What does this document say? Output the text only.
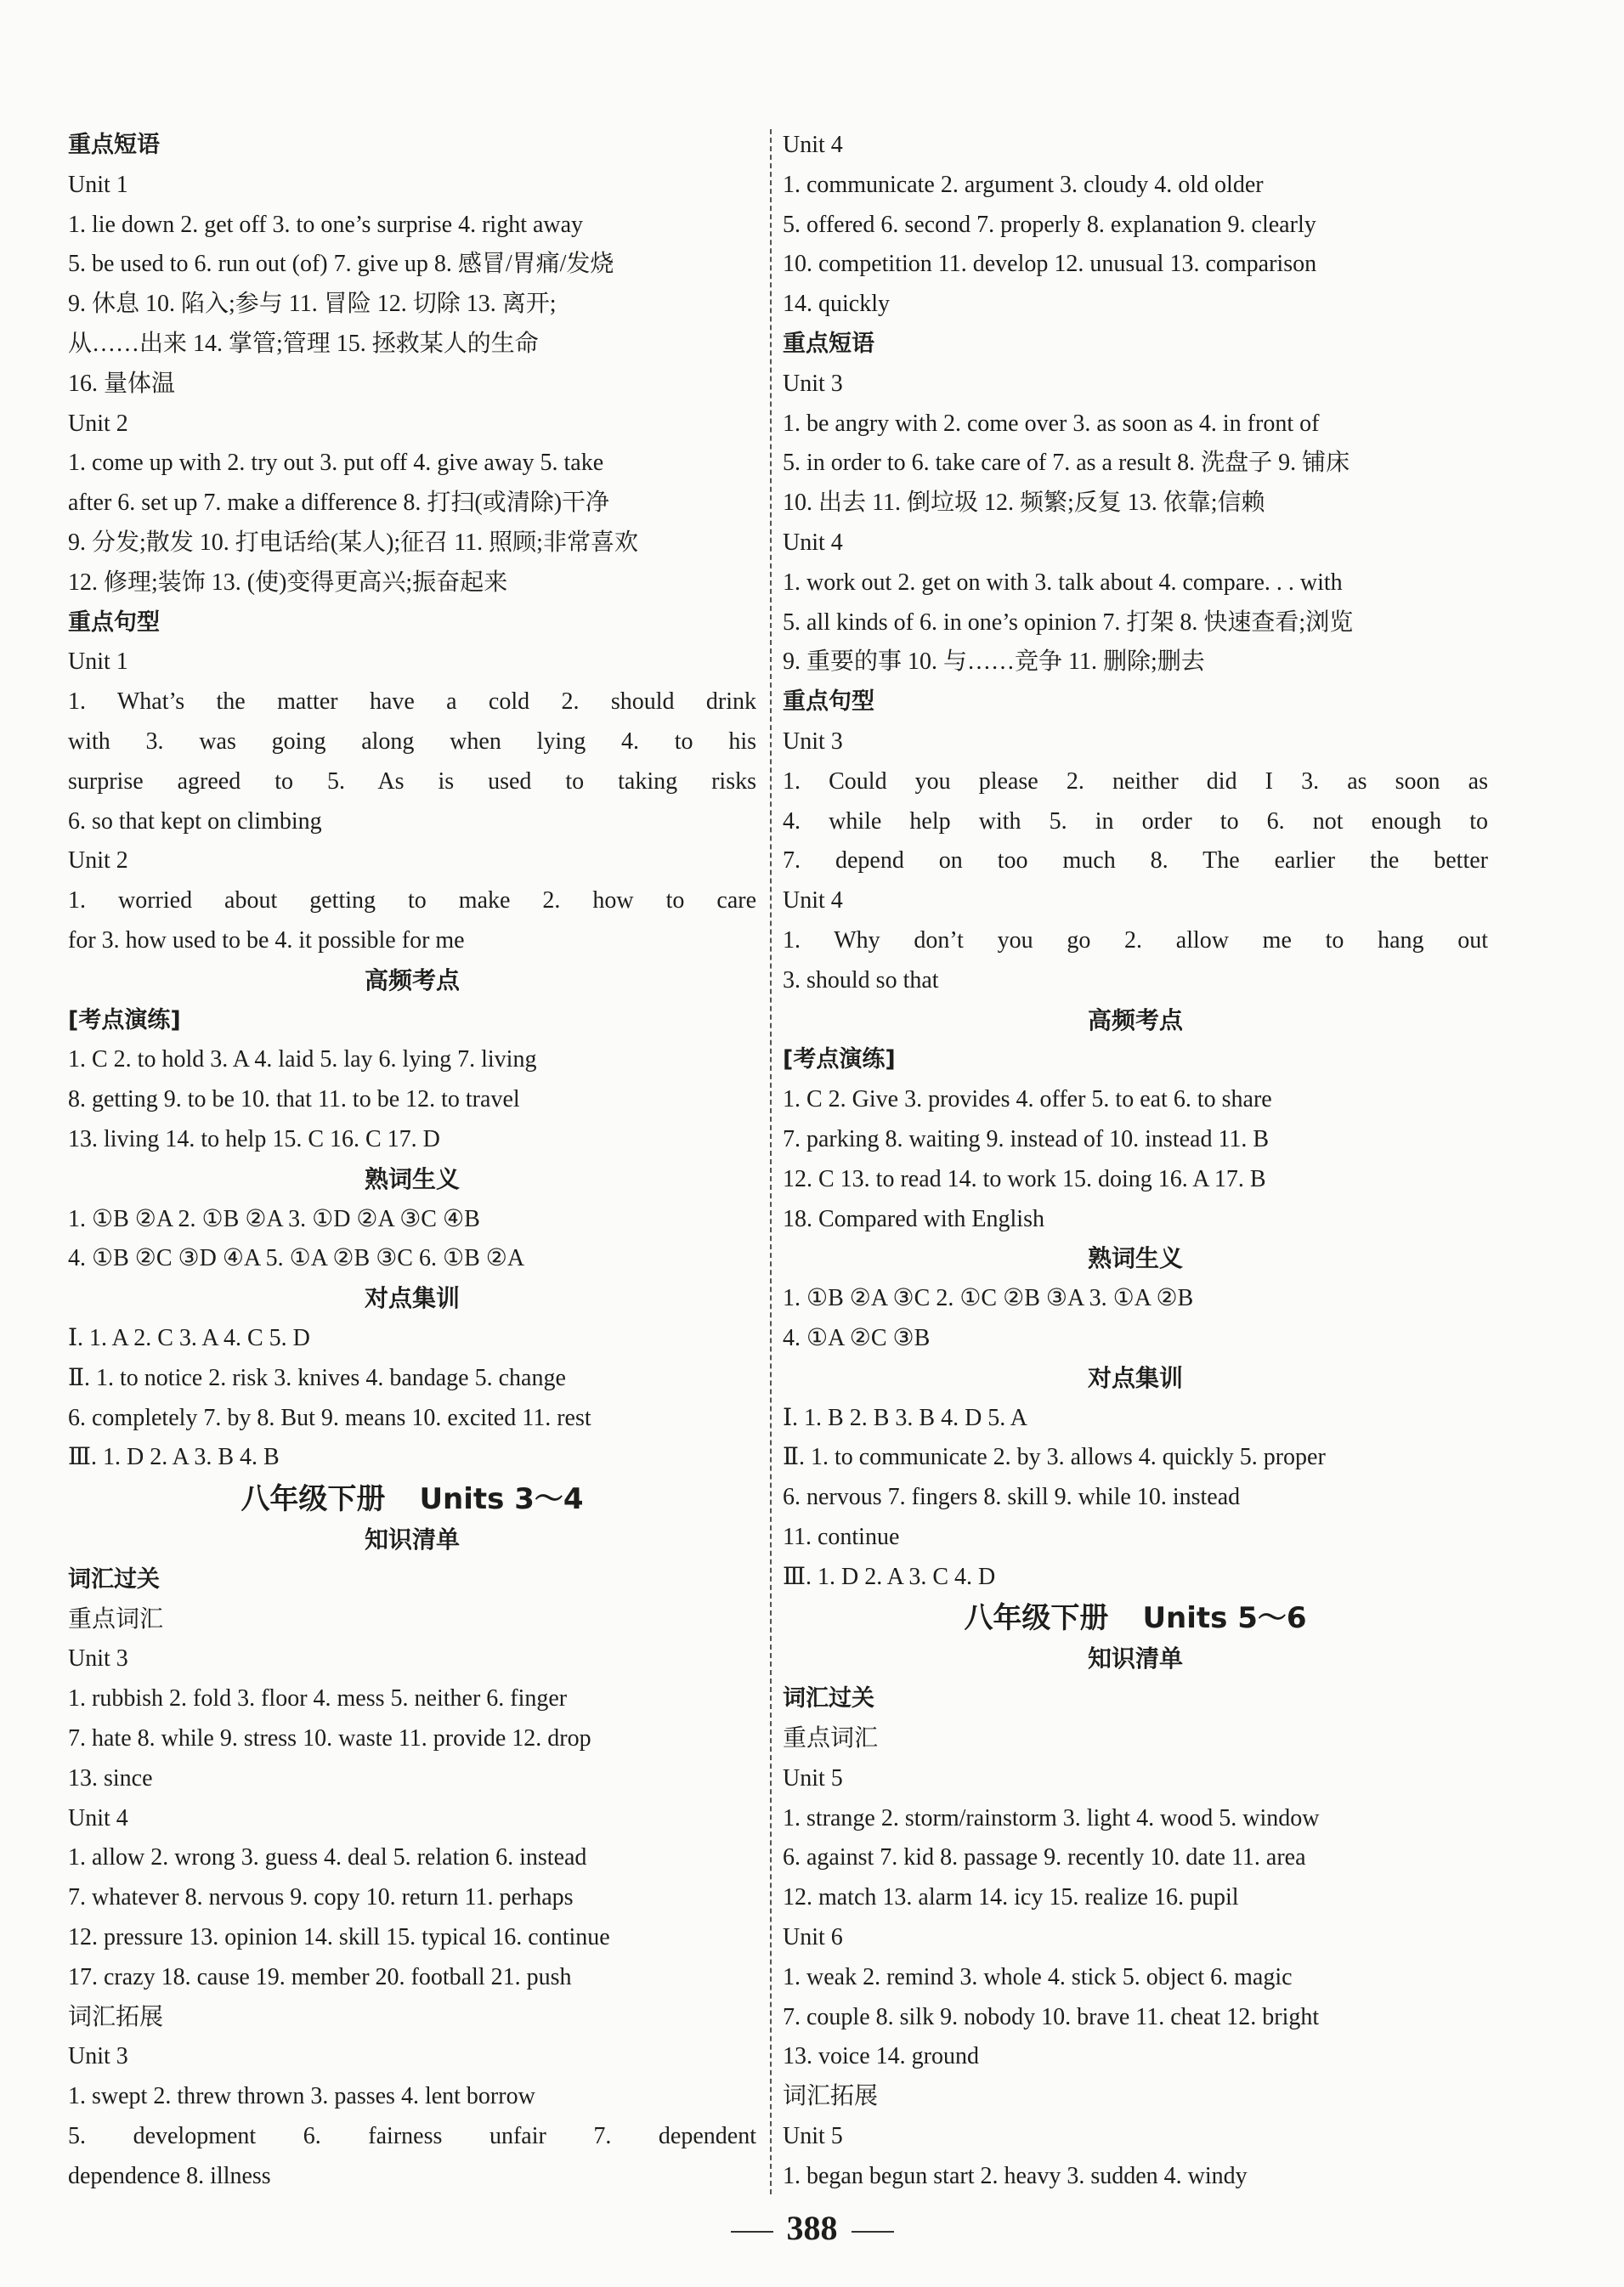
重点短语
Unit 1
1. lie down 2. get off 3. to one’s surprise 4. right away
5. be used to 6. run out (of) 7. give up 8. 感冒/胃痛/发烧
9. 休息 10. 陷入;参与 11. 冒险 12. 切除 13. 离开;
从……出来 14. 掌管;管理 15. 拯救某人的生命
16. 量体温
Unit 2
1. come up with 2. try out 3. put off 4. give away 5. take
after 6. set up 7. make a difference 8. 打扫(或清除)干净
9. 分发;散发 10. 打电话给(某人);征召 11. 照顾;非常喜欢
12. 修理;装饰 13. (使)变得更高兴;振奋起来
重点句型
Unit 1
1. What’s the matter have a cold 2. should drink
with 3. was going along when lying 4. to his
surprise agreed to 5. As is used to taking risks
6. so that kept on climbing
Unit 2
1. worried about getting to make 2. how to care
for 3. how used to be 4. it possible for me
高频考点
[考点演练]
1. C 2. to hold 3. A 4. laid 5. lay 6. lying 7. living
8. getting 9. to be 10. that 11. to be 12. to travel
13. living 14. to help 15. C 16. C 17. D
熟词生义
1. ①B ②A 2. ①B ②A 3. ①D ②A ③C ④B
4. ①B ②C ③D ④A 5. ①A ②B ③C 6. ①B ②A
对点集训
Ⅰ. 1. A 2. C 3. A 4. C 5. D
Ⅱ. 1. to notice 2. risk 3. knives 4. bandage 5. change
6. completely 7. by 8. But 9. means 10. excited 11. rest
Ⅲ. 1. D 2. A 3. B 4. B
八年级下册 Units 3～4
知识清单
词汇过关
重点词汇
Unit 3
1. rubbish 2. fold 3. floor 4. mess 5. neither 6. finger
7. hate 8. while 9. stress 10. waste 11. provide 12. drop
13. since
Unit 4
1. allow 2. wrong 3. guess 4. deal 5. relation 6. instead
7. whatever 8. nervous 9. copy 10. return 11. perhaps
12. pressure 13. opinion 14. skill 15. typical 16. continue
17. crazy 18. cause 19. member 20. football 21. push
词汇拓展
Unit 3
1. swept 2. threw thrown 3. passes 4. lent borrow
5. development 6. fairness unfair 7. dependent
dependence 8. illness
Unit 4
1. communicate 2. argument 3. cloudy 4. old older
5. offered 6. second 7. properly 8. explanation 9. clearly
10. competition 11. develop 12. unusual 13. comparison
14. quickly
重点短语
Unit 3
1. be angry with 2. come over 3. as soon as 4. in front of
5. in order to 6. take care of 7. as a result 8. 洗盘子 9. 铺床
10. 出去 11. 倒垃圾 12. 频繁;反复 13. 依靠;信赖
Unit 4
1. work out 2. get on with 3. talk about 4. compare. . . with
5. all kinds of 6. in one’s opinion 7. 打架 8. 快速查看;浏览
9. 重要的事 10. 与……竞争 11. 删除;删去
重点句型
Unit 3
1. Could you please 2. neither did I 3. as soon as
4. while help with 5. in order to 6. not enough to
7. depend on too much 8. The earlier the better
Unit 4
1. Why don’t you go 2. allow me to hang out
3. should so that
高频考点
[考点演练]
1. C 2. Give 3. provides 4. offer 5. to eat 6. to share
7. parking 8. waiting 9. instead of 10. instead 11. B
12. C 13. to read 14. to work 15. doing 16. A 17. B
18. Compared with English
熟词生义
1. ①B ②A ③C 2. ①C ②B ③A 3. ①A ②B
4. ①A ②C ③B
对点集训
Ⅰ. 1. B 2. B 3. B 4. D 5. A
Ⅱ. 1. to communicate 2. by 3. allows 4. quickly 5. proper
6. nervous 7. fingers 8. skill 9. while 10. instead
11. continue
Ⅲ. 1. D 2. A 3. C 4. D
八年级下册 Units 5～6
知识清单
词汇过关
重点词汇
Unit 5
1. strange 2. storm/rainstorm 3. light 4. wood 5. window
6. against 7. kid 8. passage 9. recently 10. date 11. area
12. match 13. alarm 14. icy 15. realize 16. pupil
Unit 6
1. weak 2. remind 3. whole 4. stick 5. object 6. magic
7. couple 8. silk 9. nobody 10. brave 11. cheat 12. bright
13. voice 14. ground
词汇拓展
Unit 5
1. began begun start 2. heavy 3. sudden 4. windy
388
